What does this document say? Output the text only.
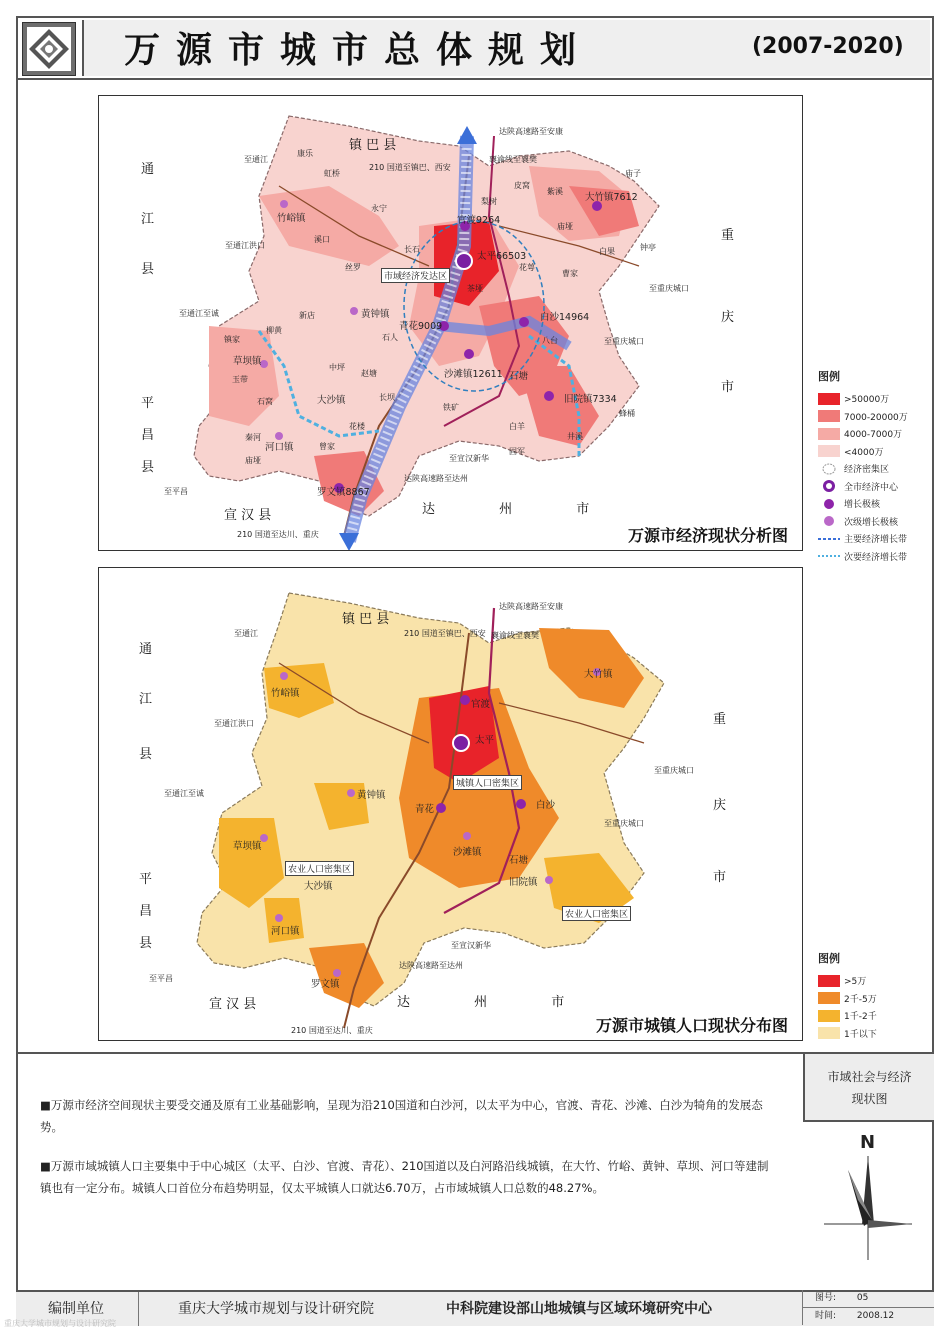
万源市城市总体规划	(2007-2020)
镇 巴 县
通
江
县
平
昌
县
重
庆
市
宣 汉 县	达 州 市
达陕高速路至安康
襄渝线至襄樊
210 国道至镇巴、西安
至通江
至通江洪口
至通江至诚
至平昌
至重庆城口
至重庆城口
至宣汉新华
达陕高速路至达州
210 国道至达川、重庆
太平66503
官渡9264
青花9009
白沙14964
沙滩镇12611
旧院镇7334
大竹镇7612
罗文镇8867
市域经济发达区
竹峪镇
草坝镇
河口镇
大沙镇
黄钟镇
石塘
康乐
虹桥
永宁
溪口
长石
丝罗
梨树
皮窝
紫溪
庙垭
白果	钟亭
庙子
曹家
花萼
茶垭
八台
井溪
蜂桶
铁矿
固军
中坪
石人
赵塘
长坝
花楼
柳黄
新店
玉带
石窝
秦河
庙垭
白羊
曾家
镇家
万源市经济现状分析图
图例
>50000万
7000-20000万
4000-7000万
<4000万
经济密集区
全市经济中心
增长极核
次级增长极核
主要经济增长带
次要经济增长带
镇 巴 县
通
江
县
平
昌
县
重
庆
市
宣 汉 县	达 州 市
达陕高速路至安康
襄渝线至襄樊
210 国道至镇巴、西安
至通江
至通江洪口
至通江至诚
至平昌
至重庆城口
至重庆城口
至宣汉新华
达陕高速路至达州
210 国道至达川、重庆
太平
官渡
青花	白沙
沙滩镇
旧院镇
大竹镇
罗文镇
竹峪镇
草坝镇
河口镇
大沙镇
黄钟镇
石塘
城镇人口密集区
农业人口密集区
农业人口密集区
万源市城镇人口现状分布图
图例
>5万
2千-5万
1千-2千
1千以下
■万源市经济空间现状主要受交通及原有工业基础影响，呈现为沿210国道和白沙河，以太平为中心，官渡、青花、沙滩、白沙为犄角的发展态势。
■万源市域城镇人口主要集中于中心城区（太平、白沙、官渡、青花）、210国道以及白河路沿线城镇，在大竹、竹峪、黄钟、草坝、河口等建制镇也有一定分布。城镇人口首位分布趋势明显，仅太平城镇人口就达6.70万，占市域城镇人口总数的48.27%。
市域社会与经济
现状图
N
编制单位	重庆大学城市规划与设计研究院	中科院建设部山地城镇与区域环境研究中心
重庆大学城市规划与设计研究院
图号: 05
时间: 2008.12
